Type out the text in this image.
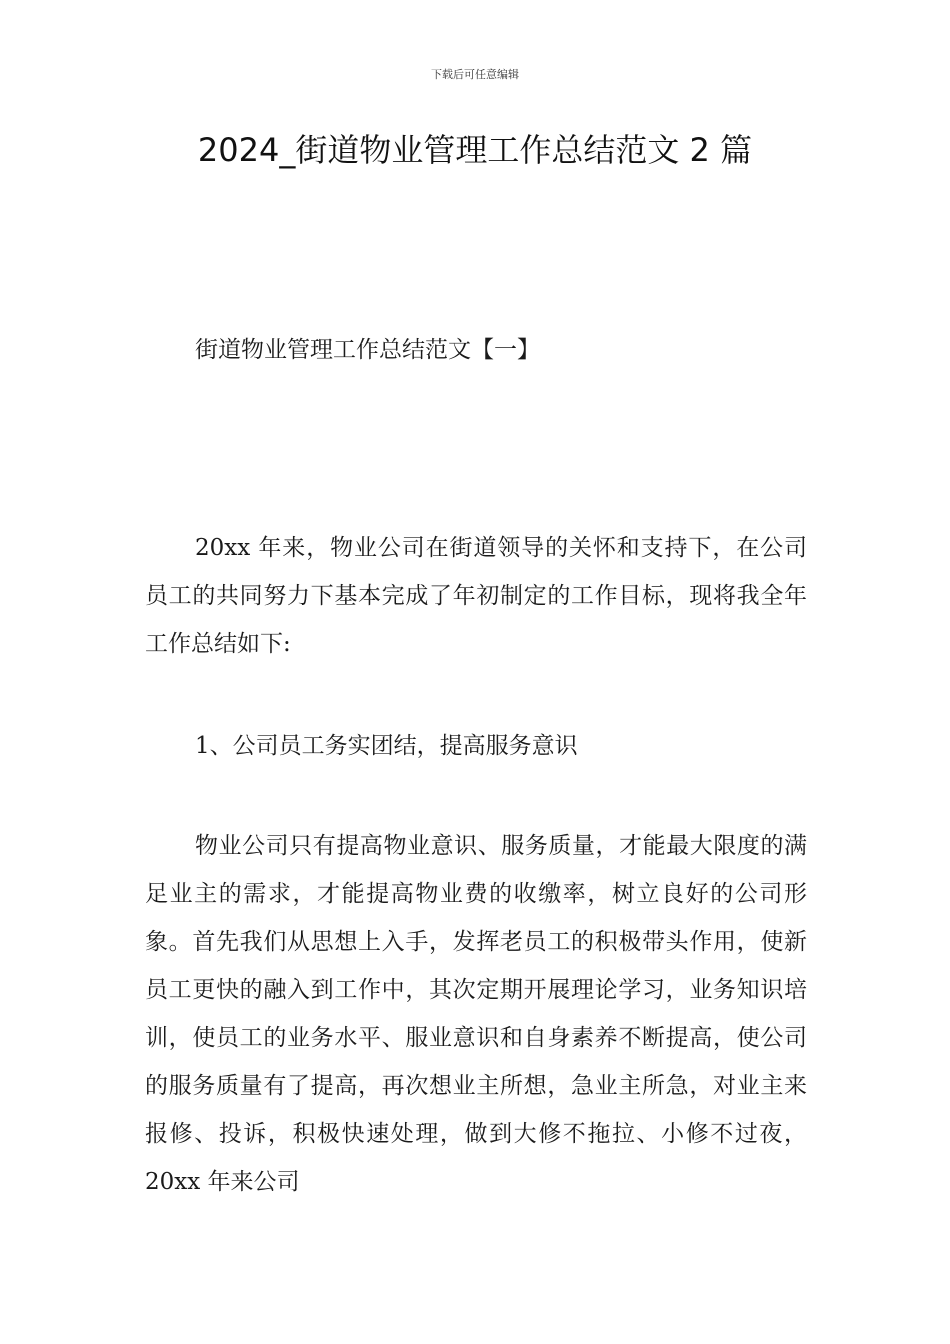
下载后可任意编辑
2024_街道物业管理工作总结范文 2 篇
街道物业管理工作总结范文【一】

20xx 年来，物业公司在街道领导的关怀和支持下，在公司员工的共同努力下基本完成了年初制定的工作目标，现将我全年工作总结如下:

1、公司员工务实团结，提高服务意识

物业公司只有提高物业意识、服务质量，才能最大限度的满足业主的需求，才能提高物业费的收缴率，树立良好的公司形象。首先我们从思想上入手，发挥老员工的积极带头作用，使新员工更快的融入到工作中，其次定期开展理论学习，业务知识培训，使员工的业务水平、服业意识和自身素养不断提高，使公司的服务质量有了提高，再次想业主所想，急业主所急，对业主来报修、投诉，积极快速处理，做到大修不拖拉、小修不过夜，20xx 年来公司
